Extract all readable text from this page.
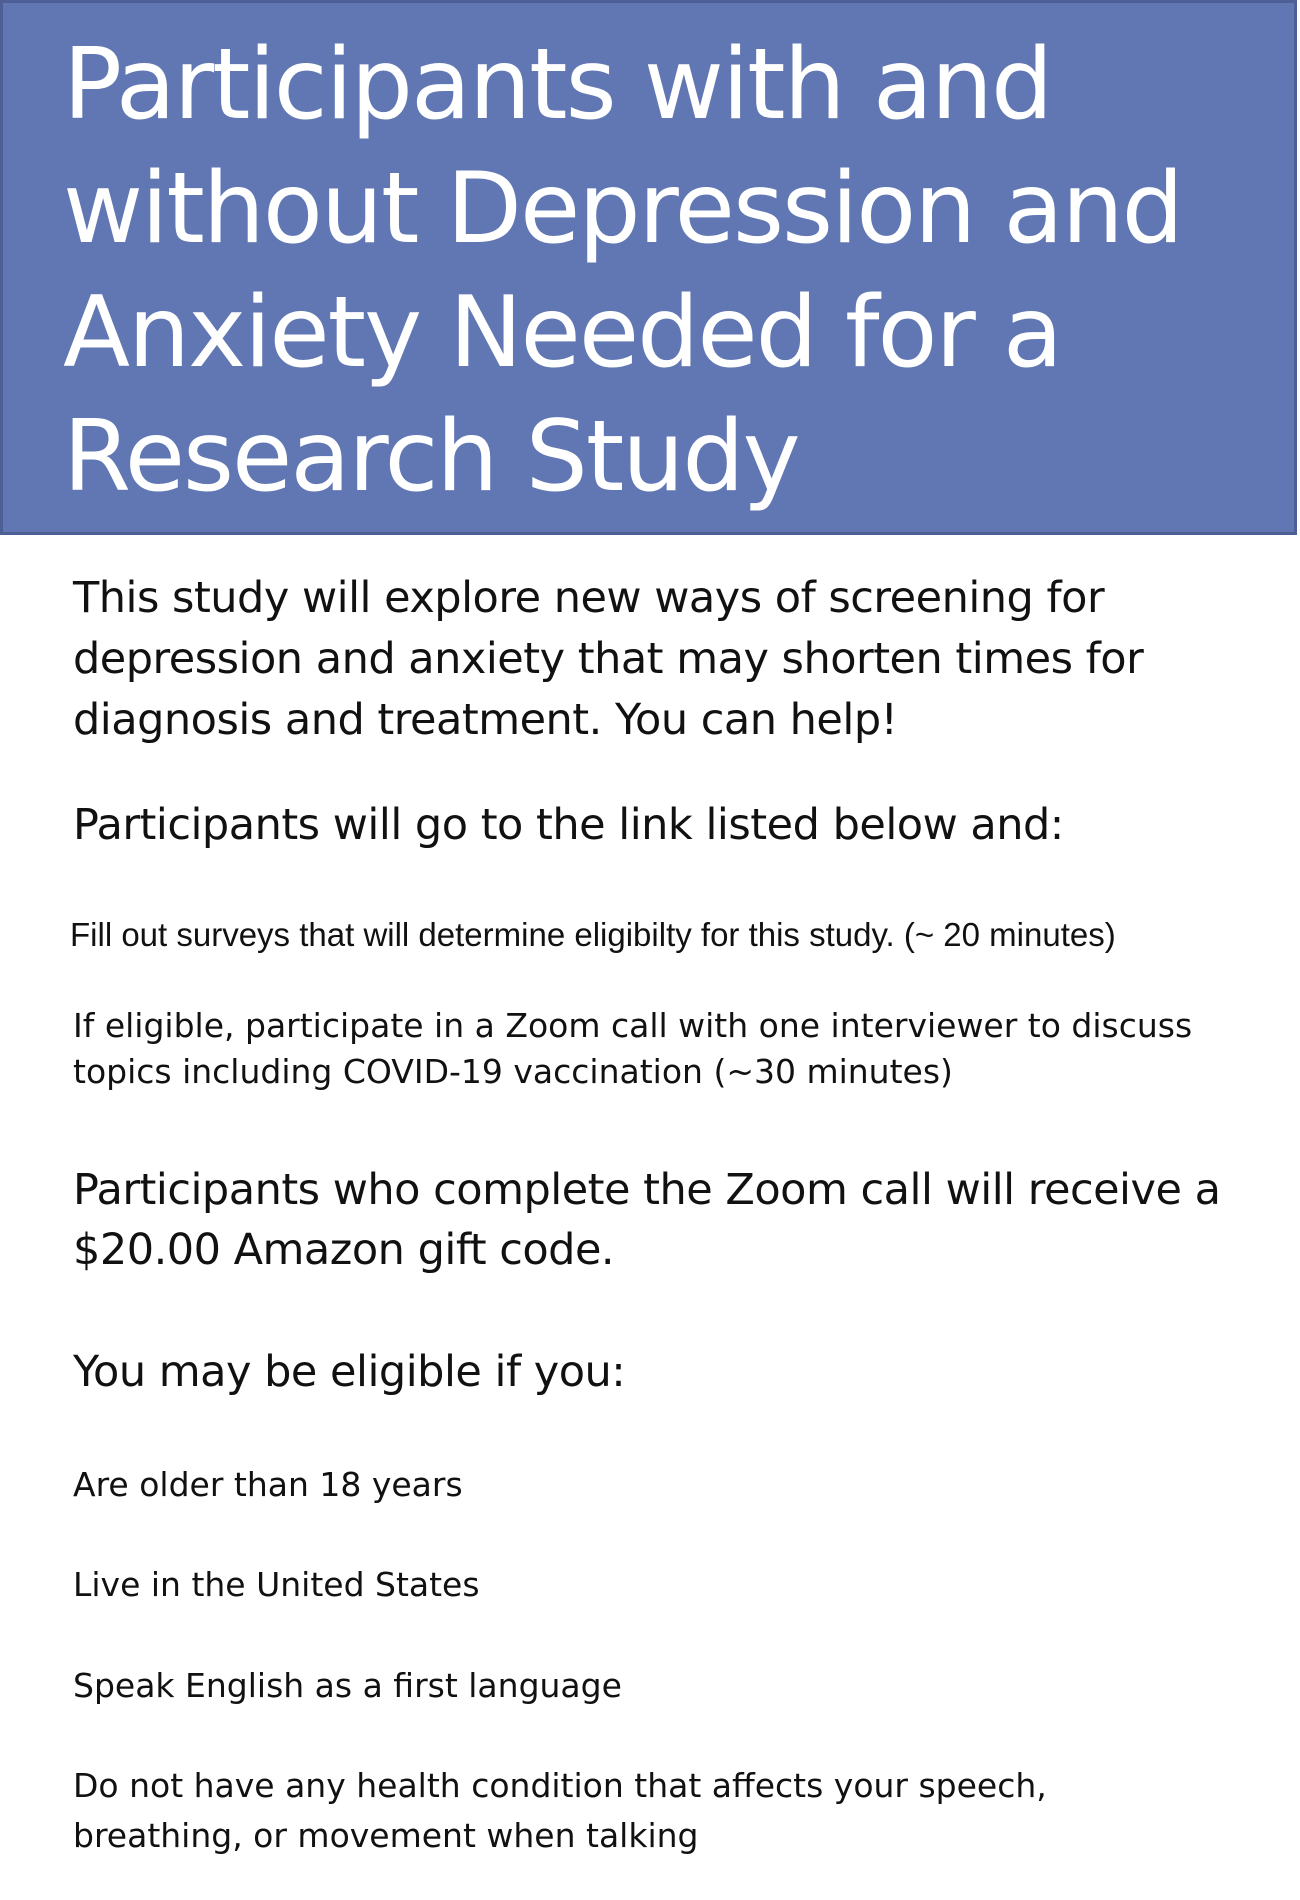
Participants with and without Depression and Anxiety Needed for a Research Study

This study will explore new ways of screening for depression and anxiety that may shorten times for diagnosis and treatment. You can help!

Participants will go to the link listed below and:

Fill out surveys that will determine eligibilty for this study. (~ 20 minutes)

If eligible, participate in a Zoom call with one interviewer to discuss topics including COVID-19 vaccination (~30 minutes)

Participants who complete the Zoom call will receive a $20.00 Amazon gift code.

You may be eligible if you:

Are older than 18 years

Live in the United States

Speak English as a first language

Do not have any health condition that affects your speech, breathing, or movement when talking
